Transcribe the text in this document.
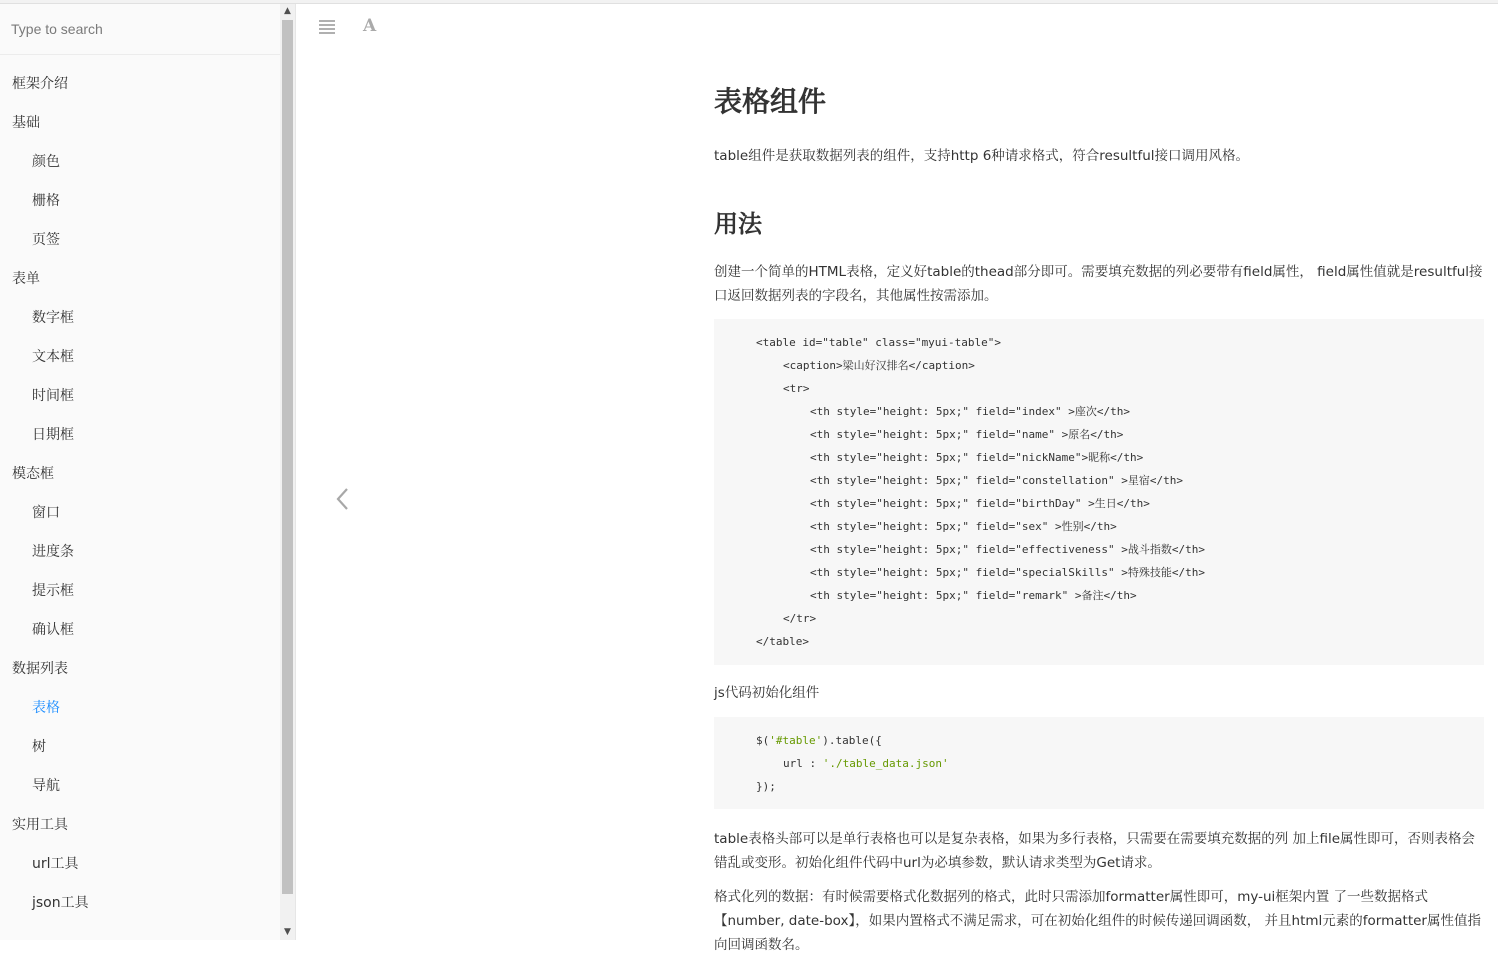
Type to search
框架介绍
基础
颜色
栅格
页签
表单
数字框
文本框
时间框
日期框
模态框
窗口
进度条
提示框
确认框
数据列表
表格
树
导航
实用工具
url工具
json工具
▲
▼
A
表格组件

table组件是获取数据列表的组件，支持http 6种请求格式，符合resultful接口调用风格。

用法

创建一个简单的HTML表格，定义好table的thead部分即可。需要填充数据的列必要带有field属性， field属性值就是resultful接口返回数据列表的字段名，其他属性按需添加。

<table id="table" class="myui-table">
<caption>梁山好汉排名</caption>
<tr>
<th style="height: 5px;" field="index" >座次</th>
<th style="height: 5px;" field="name" >原名</th>
<th style="height: 5px;" field="nickName">昵称</th>
<th style="height: 5px;" field="constellation" >星宿</th>
<th style="height: 5px;" field="birthDay" >生日</th>
<th style="height: 5px;" field="sex" >性别</th>
<th style="height: 5px;" field="effectiveness" >战斗指数</th>
<th style="height: 5px;" field="specialSkills" >特殊技能</th>
<th style="height: 5px;" field="remark" >备注</th>
</tr>
</table>

js代码初始化组件

$('#table').table({
url : './table_data.json'
});

table表格头部可以是单行表格也可以是复杂表格，如果为多行表格，只需要在需要填充数据的列 加上file属性即可，否则表格会错乱或变形。初始化组件代码中url为必填参数，默认请求类型为Get请求。

格式化列的数据：有时候需要格式化数据列的格式，此时只需添加formatter属性即可，my-ui框架内置 了一些数据格式【number, date-box】，如果内置格式不满足需求，可在初始化组件的时候传递回调函数， 并且html元素的formatter属性值指向回调函数名。
